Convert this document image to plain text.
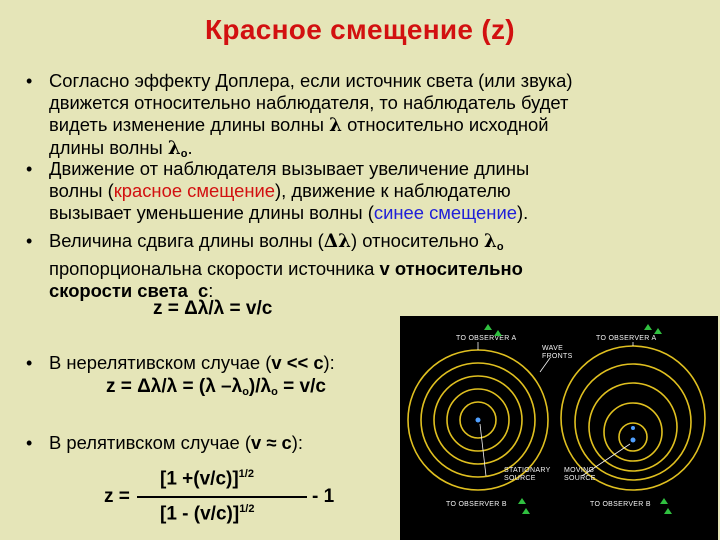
Красное смещение (z)
• Согласно эффекту Доплера, если источник света (или звука)
движется относительно наблюдателя, то наблюдатель будет
видеть изменение длины волны λ относительно исходной
длины волны $\lambda_o$.
• Движение от наблюдателя вызывает увеличение длины
волны (красное смещение), движение к наблюдателю
вызывает уменьшение длины волны (синее смещение).
• Величина сдвига длины волны (Δλ) относительно $\lambda_o$
пропорциональна скорости источника v относительно
скорости света с:
z = Δλ/λ = v/c
• В нерелятивском случае (v << c):
z = Δλ/λ = (λ $-\lambda_o)/\lambda_o = v/c$
• В релятивском случае (v ≈ c):
z =
$[1 +(v/c)]^{1/2}$
[1 - (v/c)]$^{1/2}$
- 1
TO OBSERVER A	TO OBSERVER A
WAVE
FRONTS
STATIONARY
SOURCE
MOVING
SOURCE
TO OBSERVER B	TO OBSERVER B
